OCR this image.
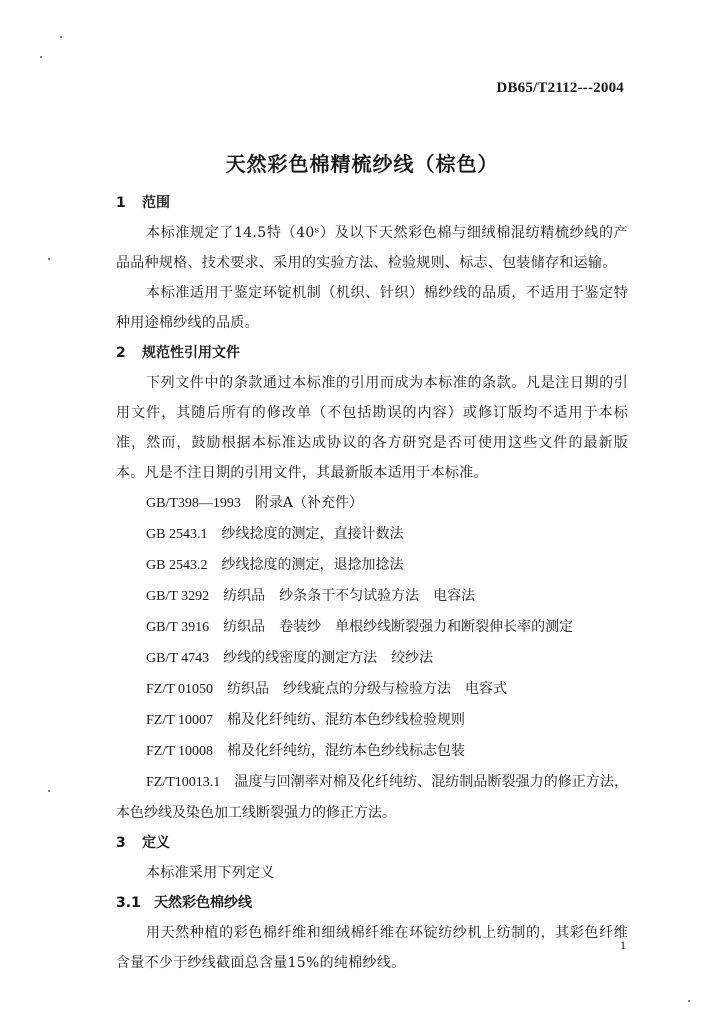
DB65/T2112---2004
天然彩色棉精梳纱线（棕色）
1 范围

本标准规定了14.5特（40ˢ）及以下天然彩色棉与细绒棉混纺精梳纱线的产品品种规格、技术要求、采用的实验方法、检验规则、标志、包装储存和运输。

本标准适用于鉴定环锭机制（机织、针织）棉纱线的品质，不适用于鉴定特种用途棉纱线的品质。

2 规范性引用文件

下列文件中的条款通过本标准的引用而成为本标准的条款。凡是注日期的引用文件，其随后所有的修改单（不包括勘误的内容）或修订版均不适用于本标准，然而，鼓励根据本标准达成协议的各方研究是否可使用这些文件的最新版本。凡是不注日期的引用文件，其最新版本适用于本标准。

GB/T398—1993　 附录A（补充件）

GB 2543.1　 纱线捻度的测定，直接计数法

GB 2543.2　 纱线捻度的测定，退捻加捻法

GB/T 3292　 纺织品　纱条条干不匀试验方法　电容法

GB/T 3916　 纺织品　卷装纱　单根纱线断裂强力和断裂伸长率的测定

GB/T 4743　 纱线的线密度的测定方法　绞纱法

FZ/T 01050　 纺织品　纱线疵点的分级与检验方法　电容式

FZ/T 10007　 棉及化纤纯纺、混纺本色纱线检验规则

FZ/T 10008　 棉及化纤纯纺，混纺本色纱线标志包装

FZ/T10013.1　 温度与回潮率对棉及化纤纯纺、混纺制品断裂强力的修正方法，本色纱线及染色加工线断裂强力的修正方法。

3 定义

本标准采用下列定义

3.1 天然彩色棉纱线

用天然种植的彩色棉纤维和细绒棉纤维在环锭纺纱机上纺制的，其彩色纤维含量不少于纱线截面总含量15%的纯棉纱线。

1
